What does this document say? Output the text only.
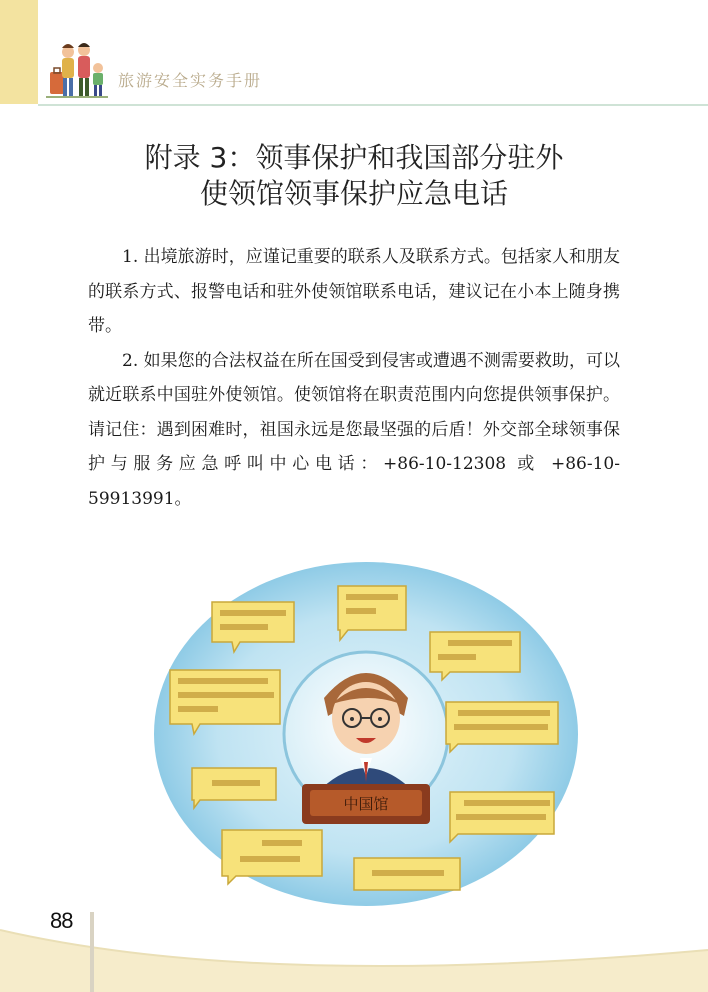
旅游安全实务手册
附录 3：领事保护和我国部分驻外
使领馆领事保护应急电话

1. 出境旅游时，应谨记重要的联系人及联系方式。包括家人和朋友的联系方式、报警电话和驻外使领馆联系电话，建议记在小本上随身携带。

2. 如果您的合法权益在所在国受到侵害或遭遇不测需要救助，可以就近联系中国驻外使领馆。使领馆将在职责范围内向您提供领事保护。请记住：遇到困难时，祖国永远是您最坚强的后盾！外交部全球领事保护与服务应急呼叫中心电话：+86-10-12308 或 +86-10-59913991。

中国馆
88
